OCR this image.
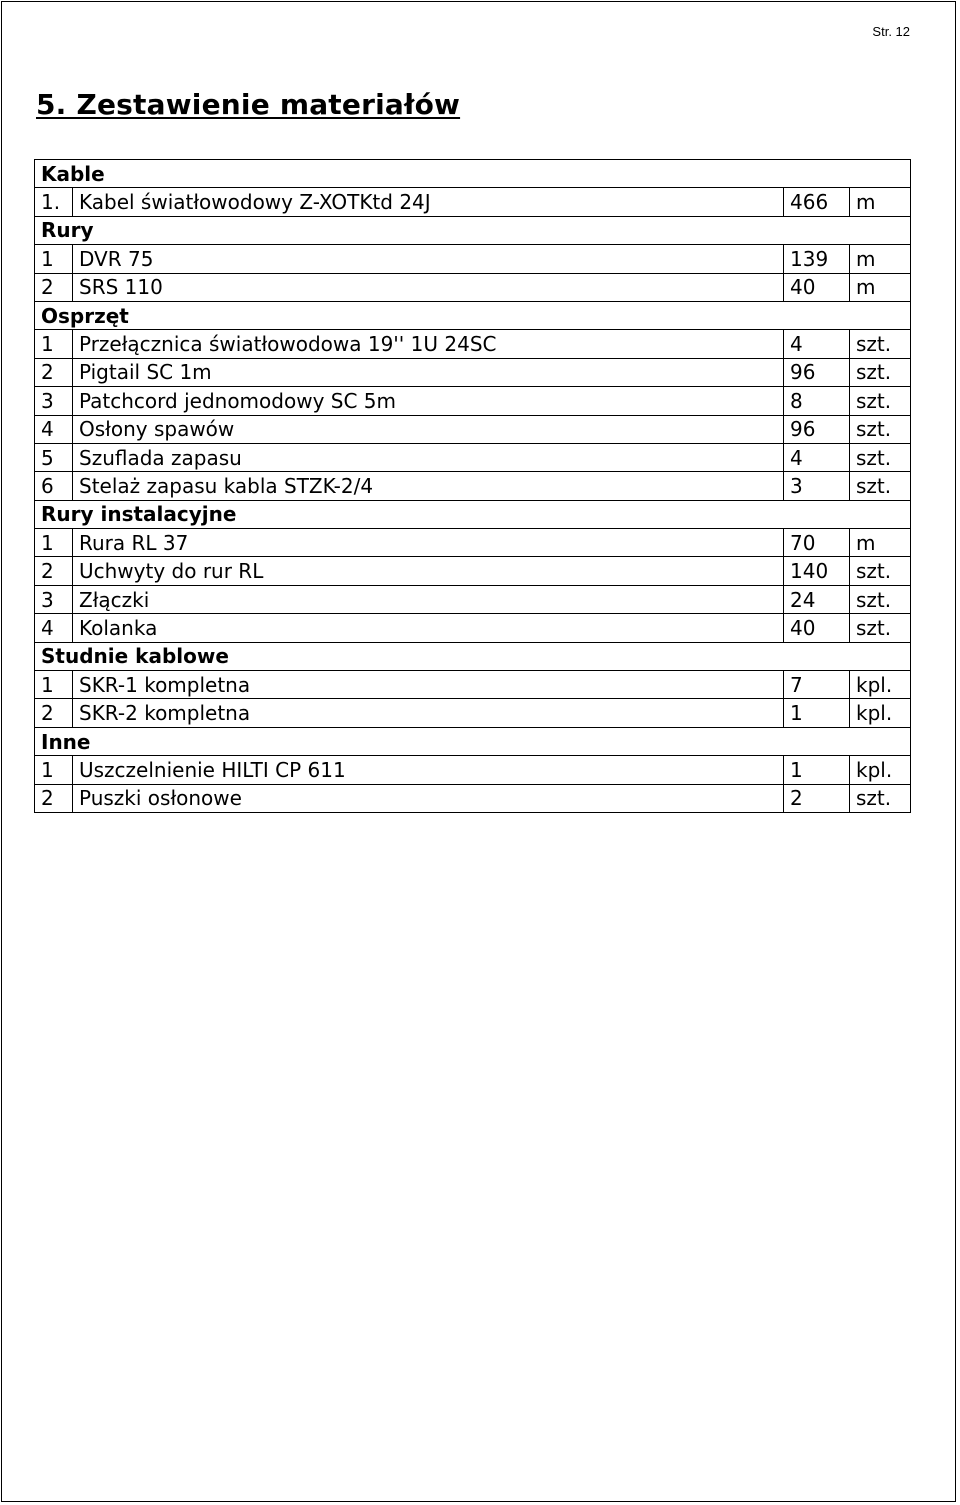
Str. 12
5. Zestawienie materiałów
Kable			
1.	Kabel światłowodowy Z-XOTKtd 24J	466	m
Rury			
1	DVR 75	139	m
2	SRS 110	40	m
Osprzęt			
1	Przełącznica światłowodowa 19'' 1U 24SC	4	szt.
2	Pigtail SC 1m	96	szt.
3	Patchcord jednomodowy SC 5m	8	szt.
4	Osłony spawów	96	szt.
5	Szuflada zapasu	4	szt.
6	Stelaż zapasu kabla STZK-2/4	3	szt.
Rury instalacyjne			
1	Rura RL 37	70	m
2	Uchwyty do rur RL	140	szt.
3	Złączki	24	szt.
4	Kolanka	40	szt.
Studnie kablowe			
1	SKR-1 kompletna	7	kpl.
2	SKR-2 kompletna	1	kpl.
Inne			
1	Uszczelnienie HILTI CP 611	1	kpl.
2	Puszki osłonowe	2	szt.
